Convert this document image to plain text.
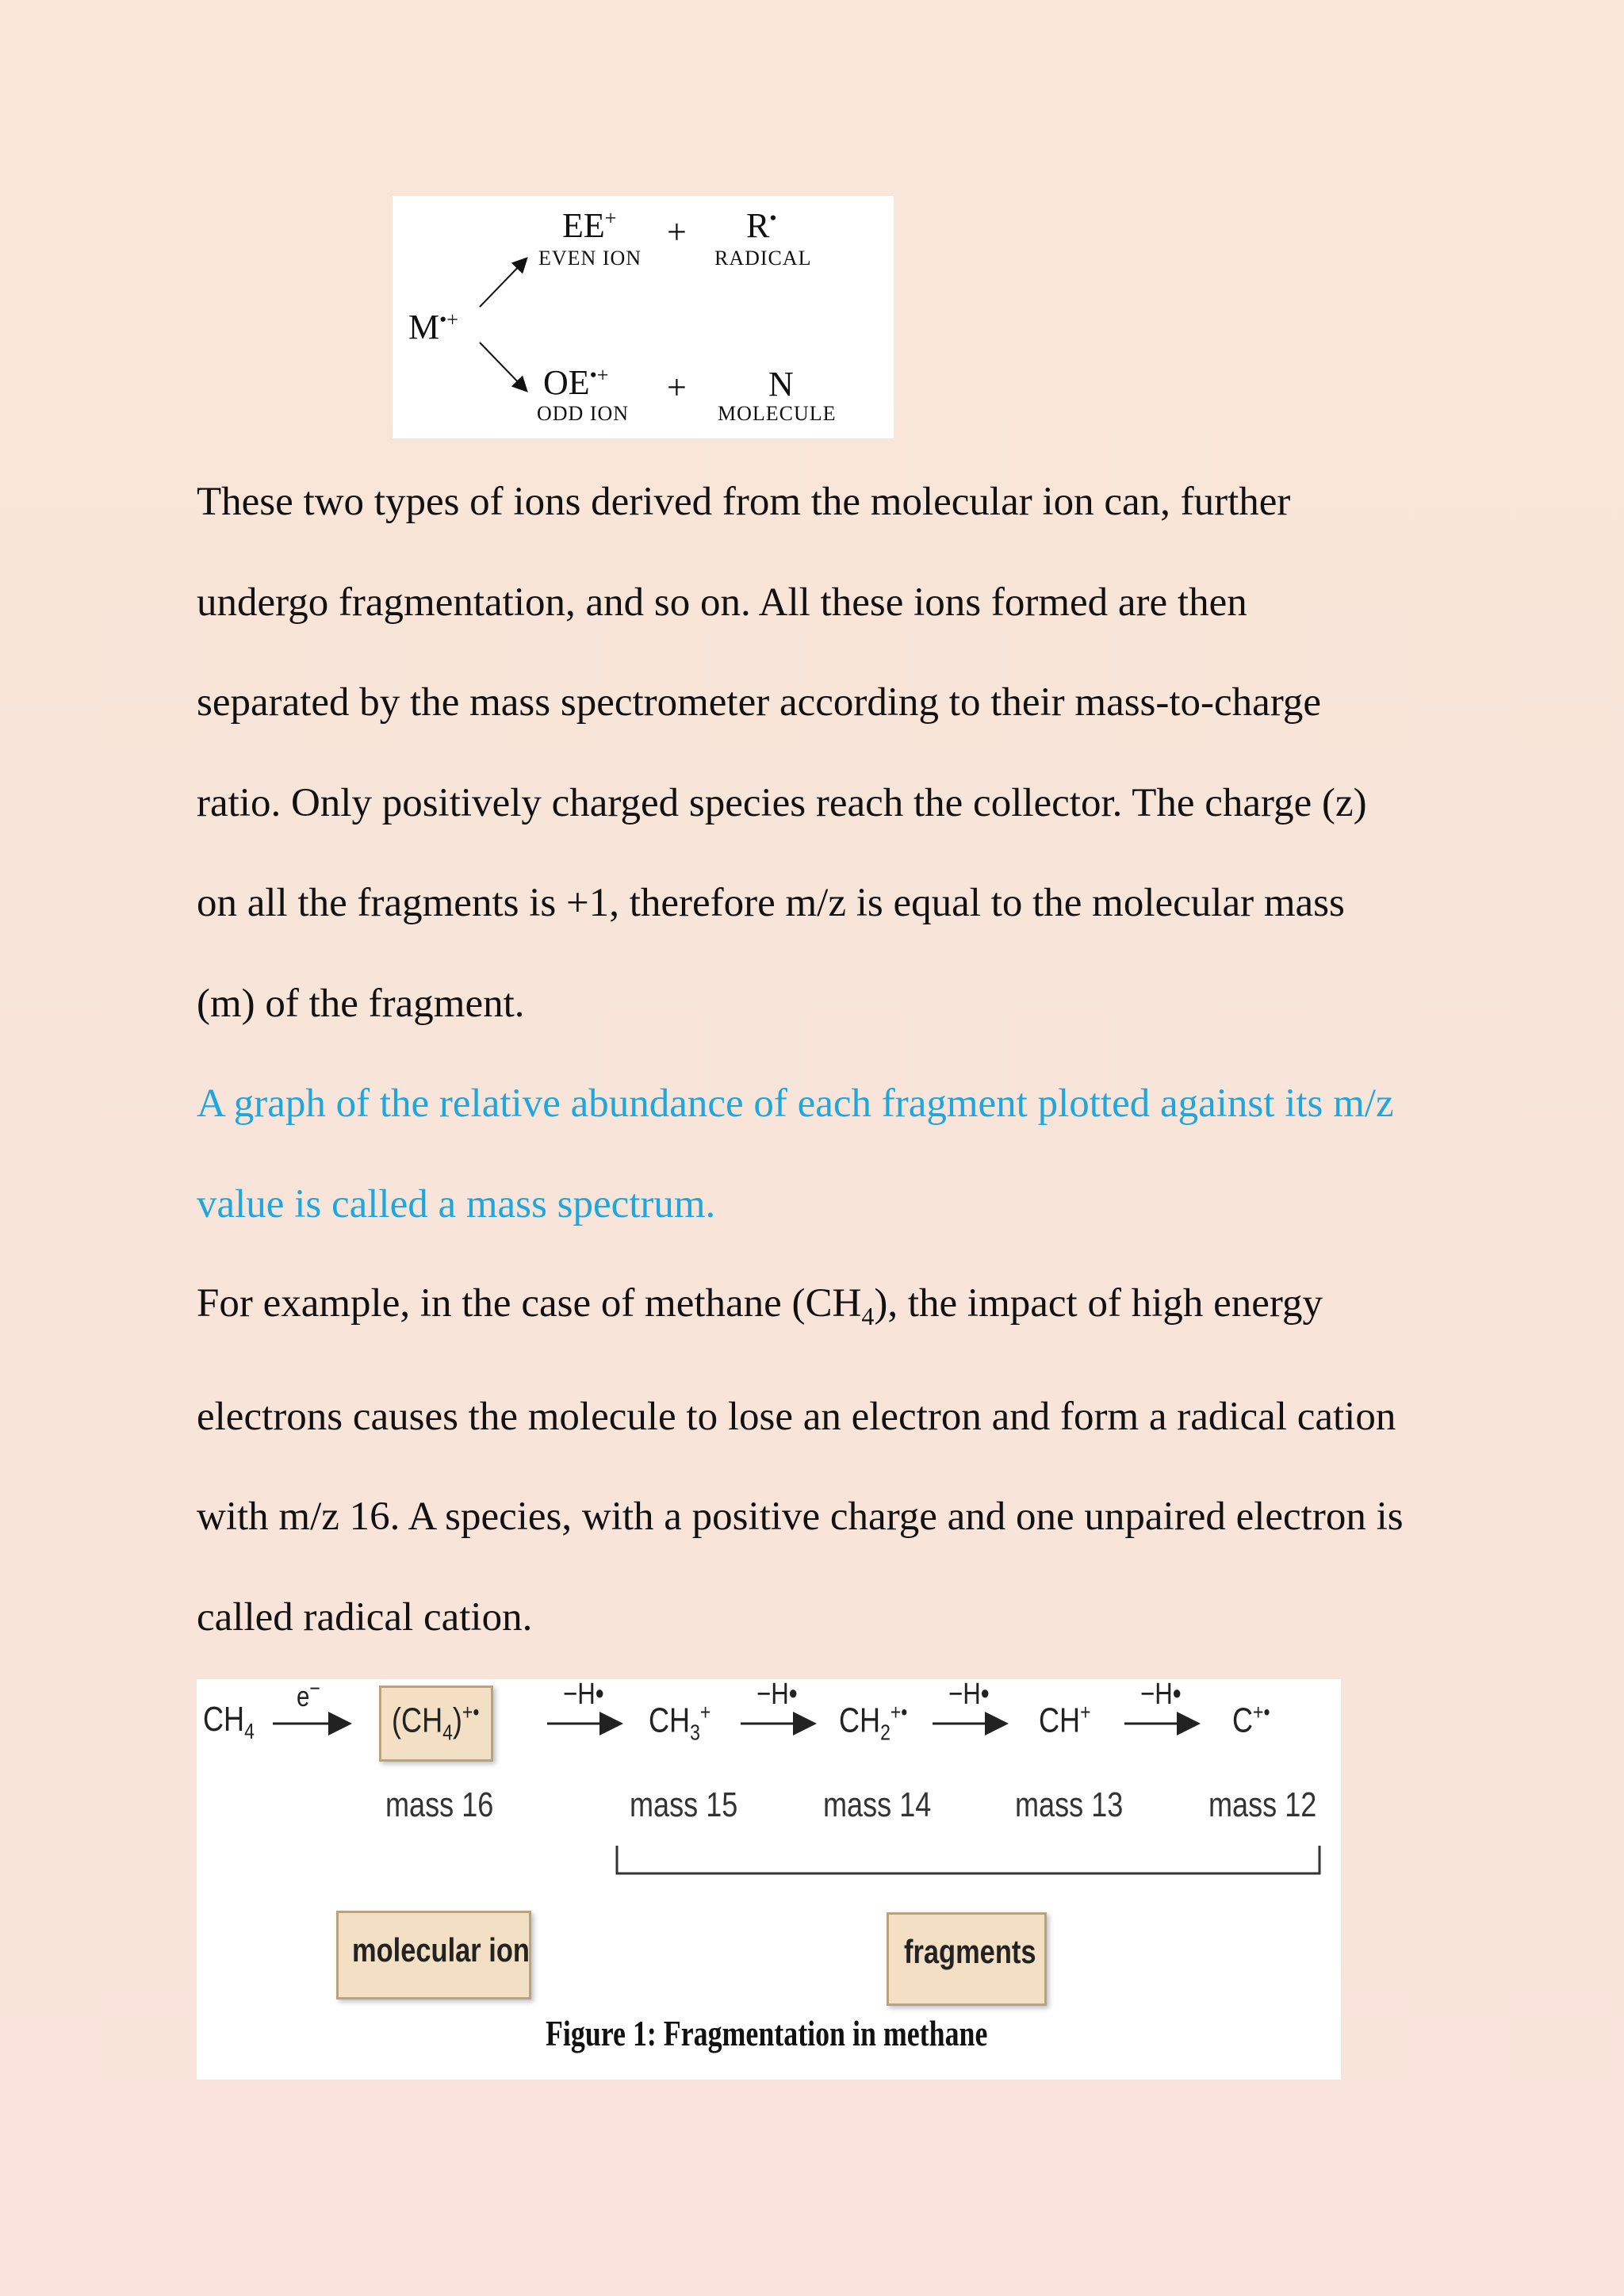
M•+
EE+
EVEN ION
+ R•
RADICAL
OE•+
ODD ION
+ N
MOLECULE

These two types of ions derived from the molecular ion can, further
undergo fragmentation, and so on. All these ions formed are then
separated by the mass spectrometer according to their mass-to-charge
ratio. Only positively charged species reach the collector. The charge (z)
on all the fragments is +1, therefore m/z is equal to the molecular mass
(m) of the fragment.

A graph of the relative abundance of each fragment plotted against its m/z
value is called a mass spectrum.

For example, in the case of methane $(CH_4)$, the impact of high energy
electrons causes the molecule to lose an electron and form a radical cation
with m/z 16. A species, with a positive charge and one unpaired electron is
called radical cation.

$CH_4$
e−
$(CH_4)^{+•}$
−H•	−H•	−H•	−H•
$CH_3^+$	$CH_2^{+•}$	CH+	C+•
mass 16	mass 15 mass 14 mass 13 mass 12
molecular ion	fragments
Figure 1: Fragmentation in methane
